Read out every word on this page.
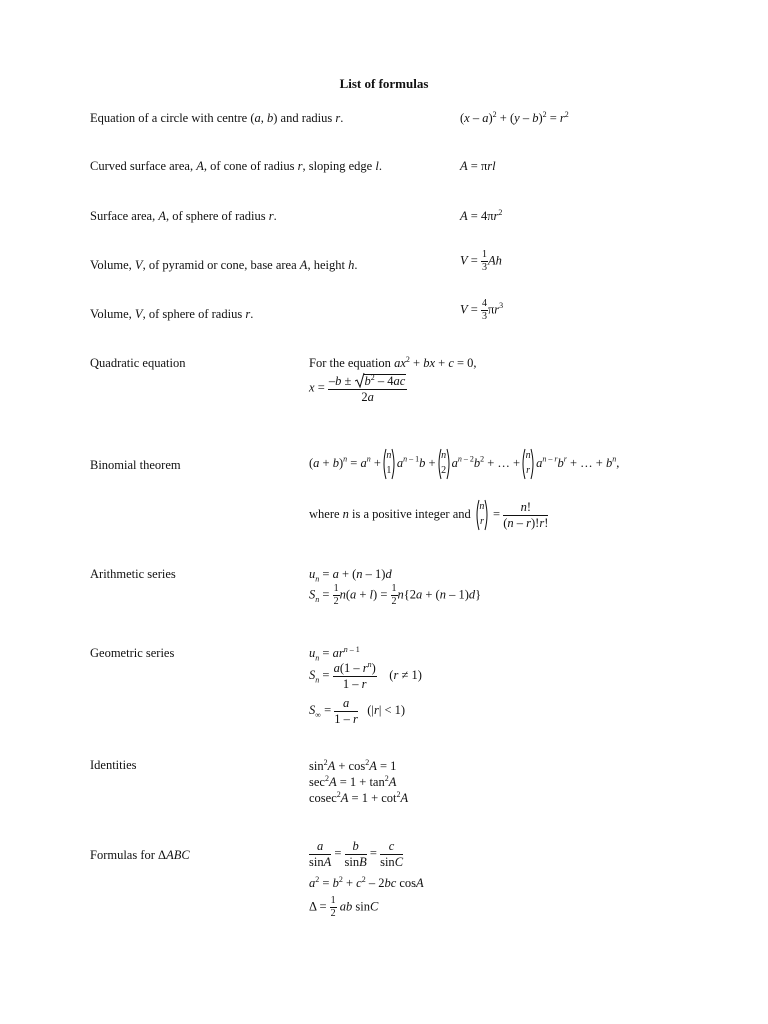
List of formulas
Equation of a circle with centre (a, b) and radius r.
Curved surface area, A, of cone of radius r, sloping edge l.
Surface area, A, of sphere of radius r.
Volume, V, of pyramid or cone, base area A, height h.
Volume, V, of sphere of radius r.
Quadratic equation
Binomial theorem
Arithmetic series
Geometric series
Identities
Formulas for ΔABC
$(x - a)^2 + (y - b)^2 = r^2$
A = πrl
$A = 4\pi r^2$
$V = \frac{1}{3}$ Ah
$V = \frac{4}{3} \pi r^3$
For the equation $ax^2$ + bx + c = 0,
x = –b ±
$b^2 - 4ac$
2a
$(a + b)^n = a^n$ +
n
1
$a^{n - 1}b$ +
n
2
$a^{n - 2}b^2$ + … +
n
r
$a^{n - r}b^r$ + … + $b^n$,
where n is a positive integer and
n
r
= $\frac{n!}{(n - r)!r!}$
$u_n = a + (n - 1)d$
$S_n = \frac{1}{2} n(a + l) = \frac{1}{2} n\{2a + (n - 1)d\}$
$u_n = ar^{n - 1}$
$S_n = \frac{a(1 - r^n)}{1 - r} (r \ne 1)$
$S_\infty = \frac{a}{1 - r} (|r| < 1)$
$\sin^2A + \cos^2A = 1$
$\sec^2A = 1 + \tan^2A$
$cosec^2A = 1 + \cot^2A$
$\frac{a}{\sin A} = \frac{b}{\sin B} = \frac{c}{\sin C}$
$a^2 = b^2 + c^2 - 2bc$ cosA
$\Delta = \frac{1}{2}$ ab sinC
